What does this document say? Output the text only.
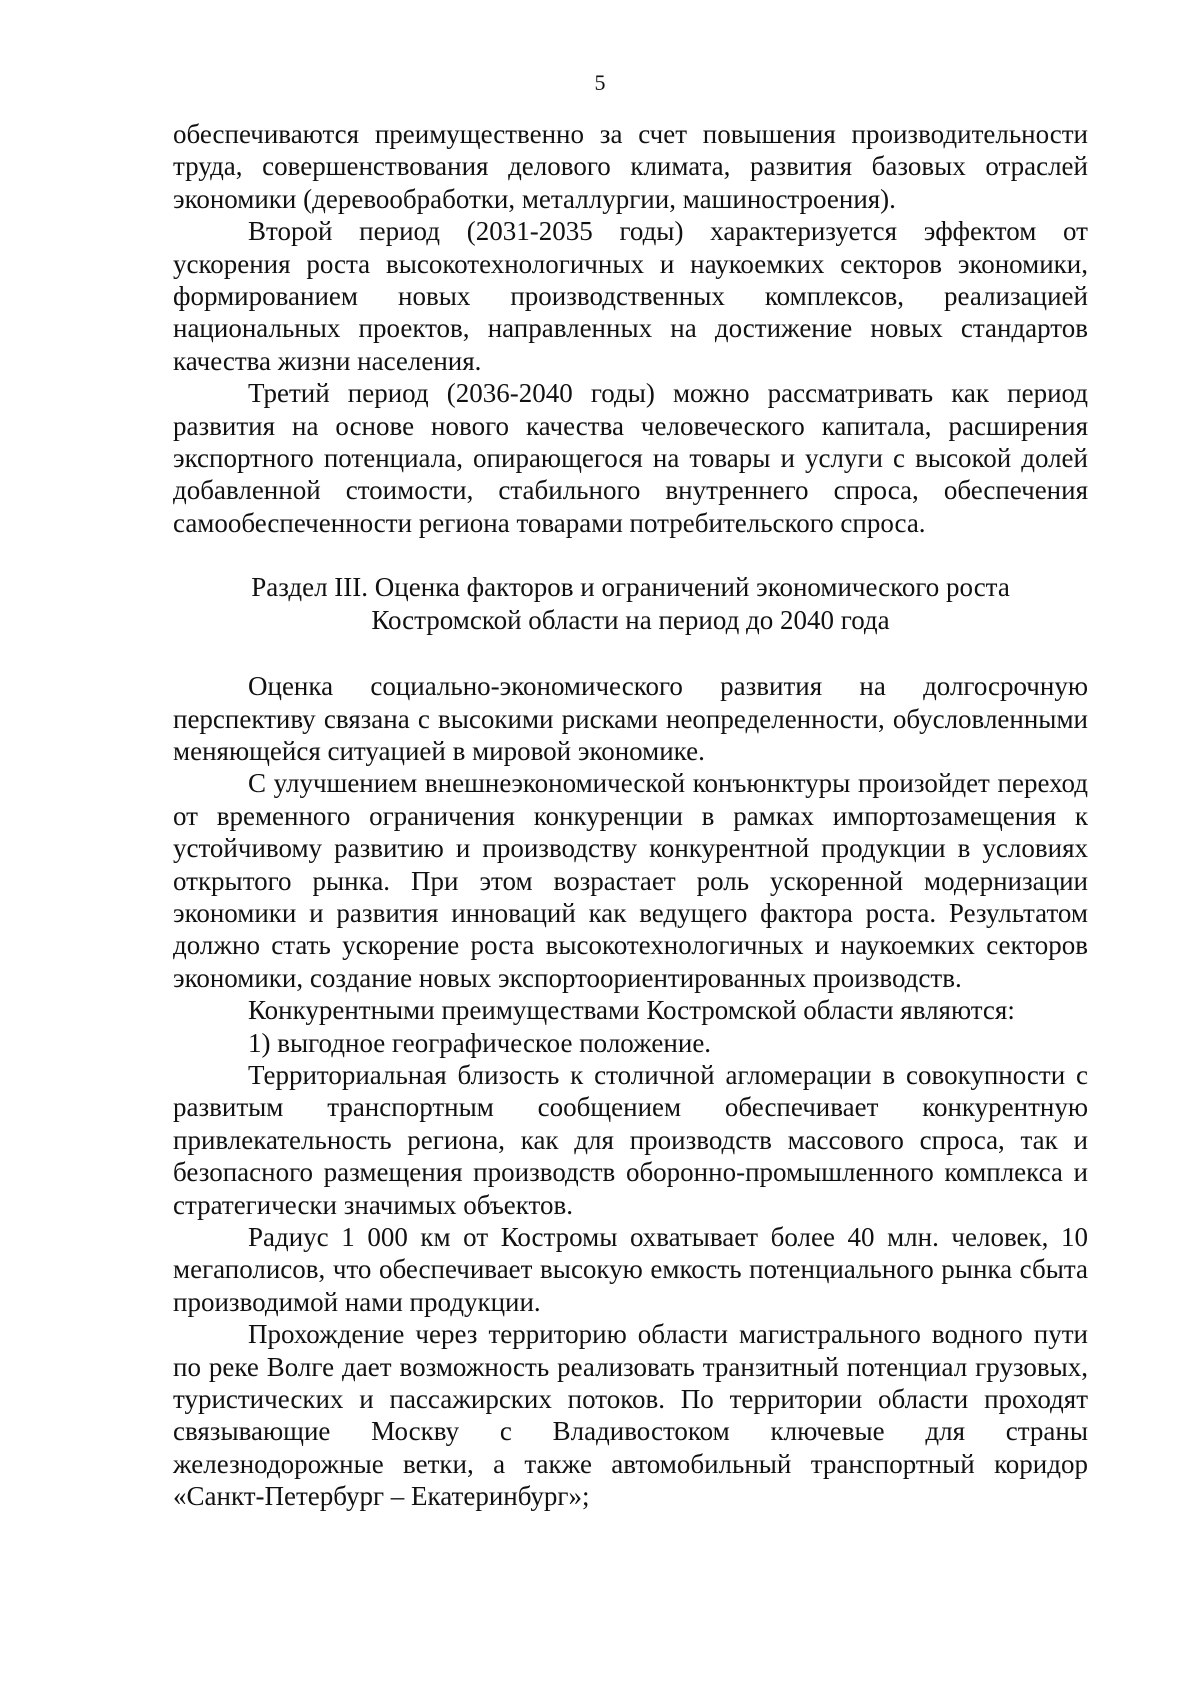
5

обеспечиваются преимущественно за счет повышения производительности труда, совершенствования делового климата, развития базовых отраслей экономики (деревообработки, металлургии, машиностроения).

Второй период (2031-2035 годы) характеризуется эффектом от ускорения роста высокотехнологичных и наукоемких секторов экономики, формированием новых производственных комплексов, реализацией национальных проектов, направленных на достижение новых стандартов качества жизни населения.

Третий период (2036-2040 годы) можно рассматривать как период развития на основе нового качества человеческого капитала, расширения экспортного потенциала, опирающегося на товары и услуги с высокой долей добавленной стоимости, стабильного внутреннего спроса, обеспечения самообеспеченности региона товарами потребительского спроса.

Раздел III. Оценка факторов и ограничений экономического роста
Костромской области на период до 2040 года

Оценка социально-экономического развития на долгосрочную перспективу связана с высокими рисками неопределенности, обусловленными меняющейся ситуацией в мировой экономике.

С улучшением внешнеэкономической конъюнктуры произойдет переход от временного ограничения конкуренции в рамках импортозамещения к устойчивому развитию и производству конкурентной продукции в условиях открытого рынка. При этом возрастает роль ускоренной модернизации экономики и развития инноваций как ведущего фактора роста. Результатом должно стать ускорение роста высокотехнологичных и наукоемких секторов экономики, создание новых экспортоориентированных производств.

Конкурентными преимуществами Костромской области являются:

1) выгодное географическое положение.

Территориальная близость к столичной агломерации в совокупности с развитым транспортным сообщением обеспечивает конкурентную привлекательность региона, как для производств массового спроса, так и безопасного размещения производств оборонно-промышленного комплекса и стратегически значимых объектов.

Радиус 1 000 км от Костромы охватывает более 40 млн. человек, 10 мегаполисов, что обеспечивает высокую емкость потенциального рынка сбыта производимой нами продукции.

Прохождение через территорию области магистрального водного пути по реке Волге дает возможность реализовать транзитный потенциал грузовых, туристических и пассажирских потоков. По территории области проходят связывающие Москву с Владивостоком ключевые для страны железнодорожные ветки, а также автомобильный транспортный коридор «Санкт-Петербург – Екатеринбург»;
